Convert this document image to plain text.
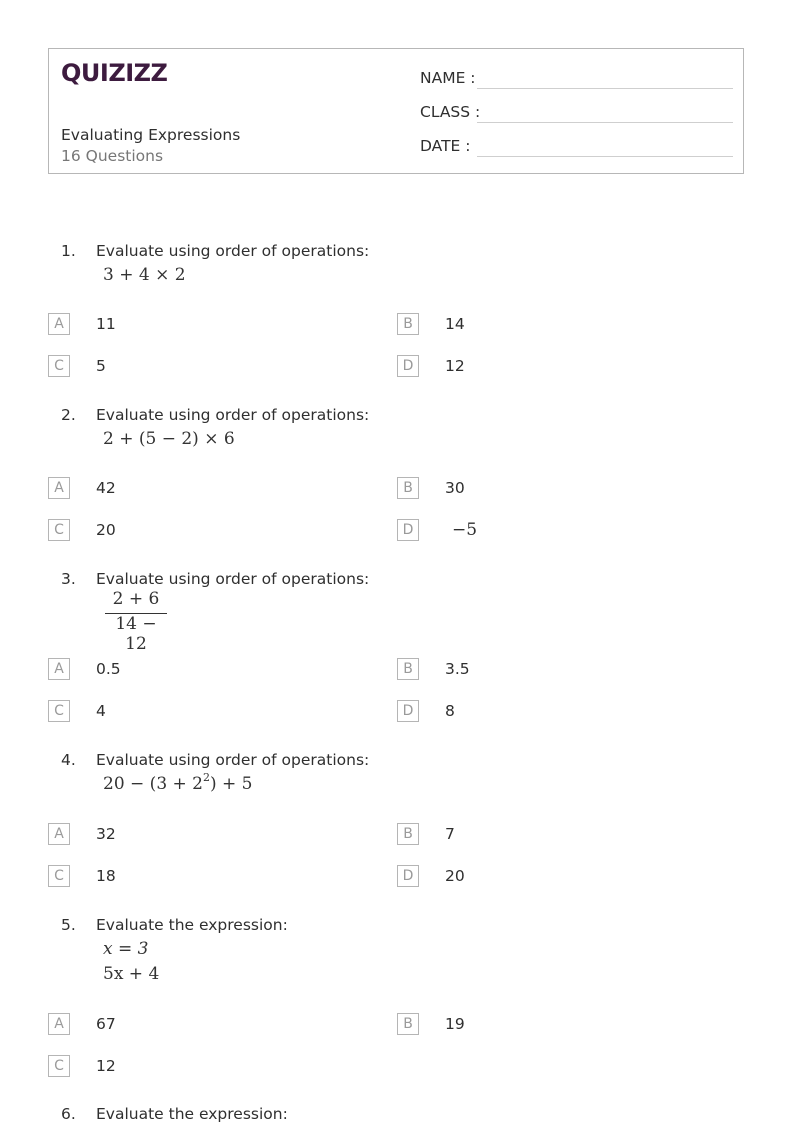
QUIZIZZ
Evaluating Expressions
16 Questions
NAME :
CLASS :
DATE :
1. Evaluate using order of operations:
3 + 4 × 2
A	11	B	14
C	5	D	12
2. Evaluate using order of operations:
2 + (5 − 2) × 6
A	42	B	30
C	20	D	−5
3. Evaluate using order of operations:
2 + 6
14 − 12
A	0.5	B	3.5
C	4	D	8
4. Evaluate using order of operations:
$20 - (3 + 2^2) + 5$
A	32	B	7
C	18	D	20
5. Evaluate the expression:
x = 3
5x + 4
A	67	B	19
C	12
6. Evaluate the expression:
